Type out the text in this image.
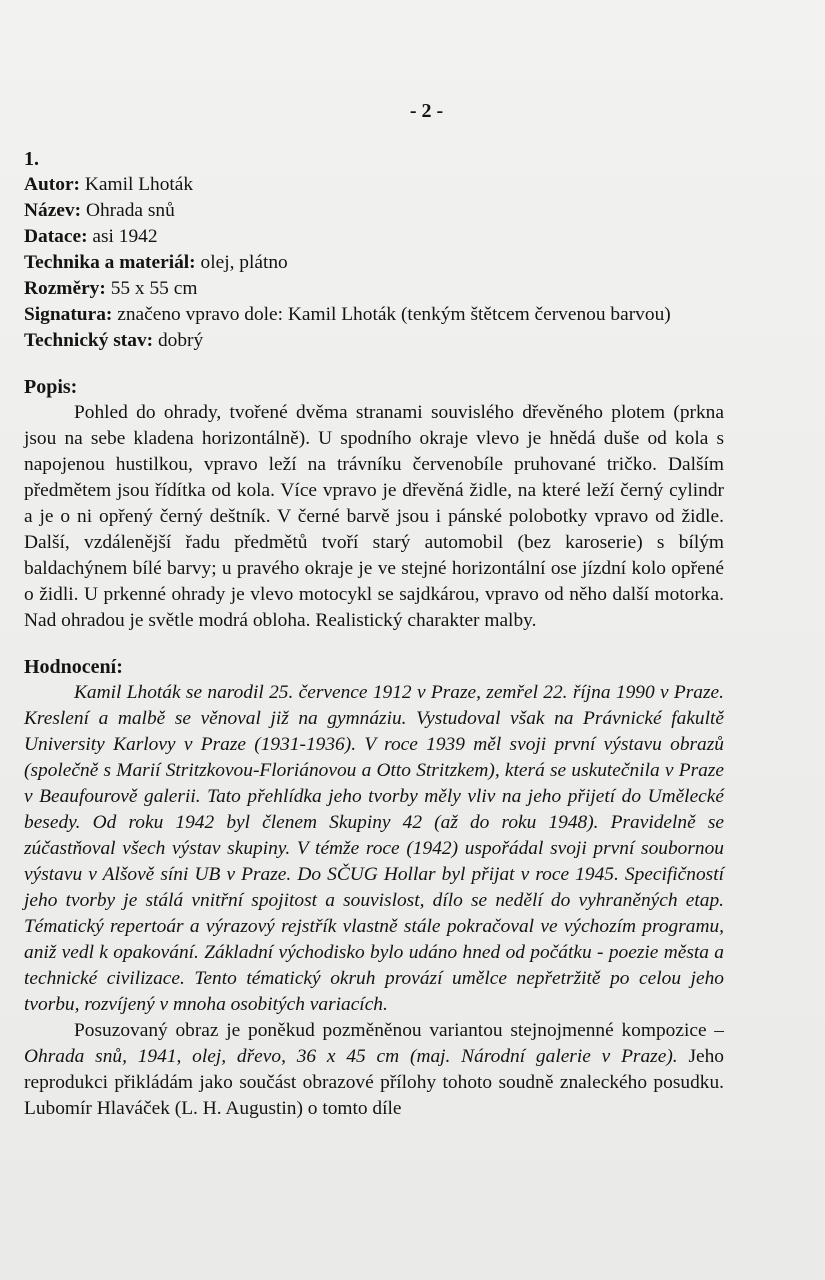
- 2 -
1.
Autor: Kamil Lhoták
Název: Ohrada snů
Datace: asi 1942
Technika a materiál: olej, plátno
Rozměry: 55 x 55 cm
Signatura: značeno vpravo dole: Kamil Lhoták (tenkým štětcem červenou barvou)
Technický stav: dobrý
Popis:

Pohled do ohrady, tvořené dvěma stranami souvislého dřevěného plotem (prkna jsou na sebe kladena horizontálně). U spodního okraje vlevo je hnědá duše od kola s napojenou hustilkou, vpravo leží na trávníku červenobíle pruhované tričko. Dalším předmětem jsou řídítka od kola. Více vpravo je dřevěná židle, na které leží černý cylindr a je o ni opřený černý deštník. V černé barvě jsou i pánské polobotky vpravo od židle. Další, vzdálenější řadu předmětů tvoří starý automobil (bez karoserie) s bílým baldachýnem bílé barvy; u pravého okraje je ve stejné horizontální ose jízdní kolo opřené o židli. U prkenné ohrady je vlevo motocykl se sajdkárou, vpravo od něho další motorka. Nad ohradou je světle modrá obloha. Realistický charakter malby.

Hodnocení:

Kamil Lhoták se narodil 25. července 1912 v Praze, zemřel 22. října 1990 v Praze. Kreslení a malbě se věnoval již na gymnáziu. Vystudoval však na Právnické fakultě University Karlovy v Praze (1931-1936). V roce 1939 měl svoji první výstavu obrazů (společně s Marií Stritzkovou-Floriánovou a Otto Stritzkem), která se uskutečnila v Praze v Beaufourově galerii. Tato přehlídka jeho tvorby měly vliv na jeho přijetí do Umělecké besedy. Od roku 1942 byl členem Skupiny 42 (až do roku 1948). Pravidelně se zúčastňoval všech výstav skupiny. V témže roce (1942) uspořádal svoji první soubornou výstavu v Alšově síni UB v Praze. Do SČUG Hollar byl přijat v roce 1945. Specifičností jeho tvorby je stálá vnitřní spojitost a souvislost, dílo se nedělí do vyhraněných etap. Tématický repertoár a výrazový rejstřík vlastně stále pokračoval ve výchozím programu, aniž vedl k opakování. Základní východisko bylo udáno hned od počátku - poezie města a technické civilizace. Tento tématický okruh provází umělce nepřetržitě po celou jeho tvorbu, rozvíjený v mnoha osobitých variacích.

Posuzovaný obraz je poněkud pozměněnou variantou stejnojmenné kompozice – Ohrada snů, 1941, olej, dřevo, 36 x 45 cm (maj. Národní galerie v Praze). Jeho reprodukci přikládám jako součást obrazové přílohy tohoto soudně znaleckého posudku. Lubomír Hlaváček (L. H. Augustin) o tomto díle
